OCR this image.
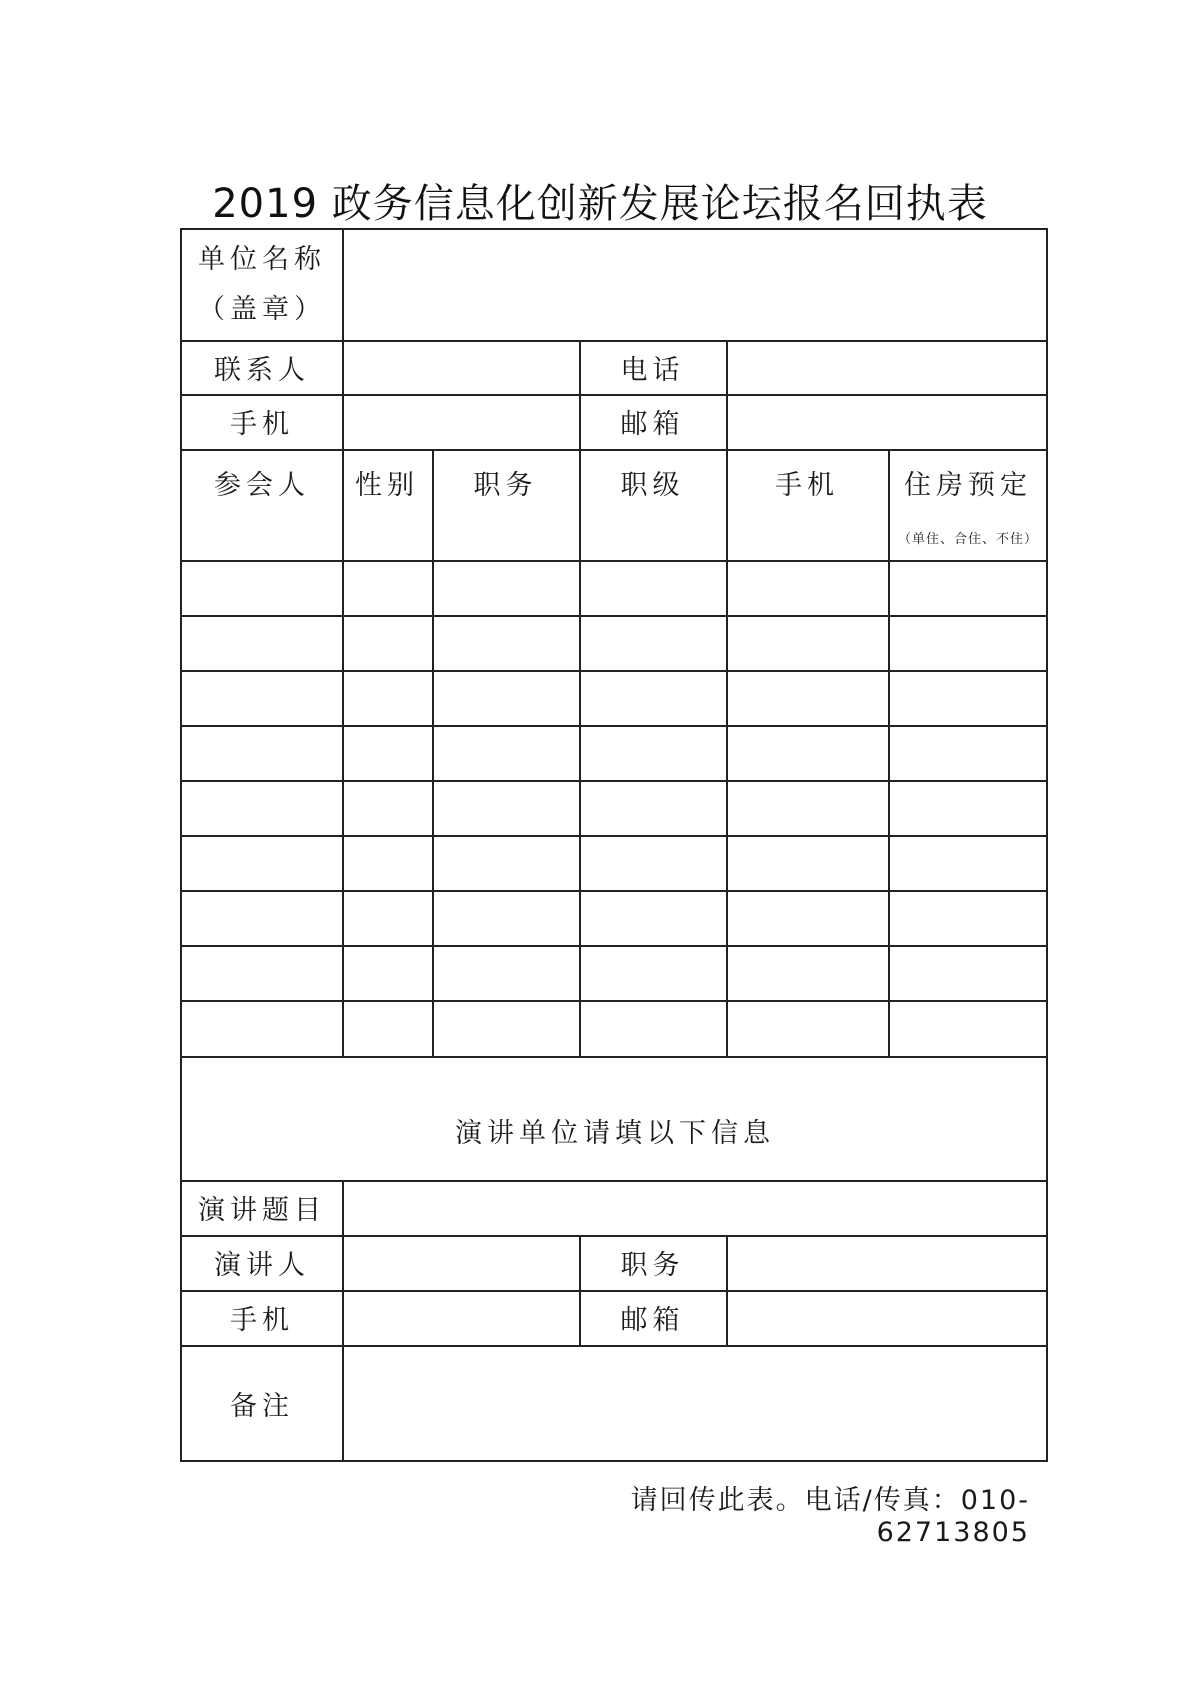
2019 政务信息化创新发展论坛报名回执表
单位名称
（盖章）
联系人	电话
手机	邮箱
参会人	性别	职务	职级	手机	住房预定
（单住、合住、不住）
演讲单位请填以下信息
演讲题目
演讲人	职务
手机	邮箱
备注
请回传此表。电话/传真：010-62713805
